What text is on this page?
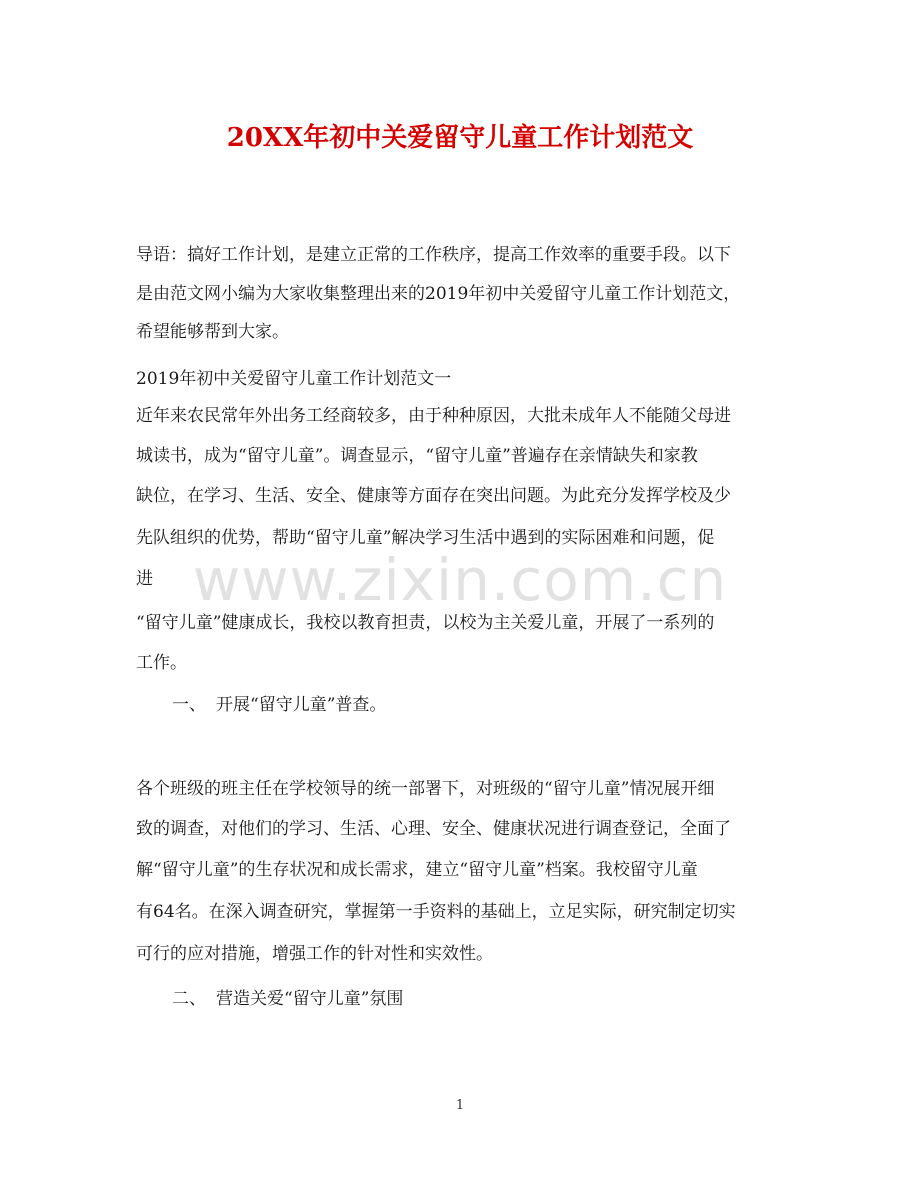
20XX年初中关爱留守儿童工作计划范文
导语：搞好工作计划，是建立正常的工作秩序，提高工作效率的重要手段。以下
是由范文网小编为大家收集整理出来的2019年初中关爱留守儿童工作计划范文，
希望能够帮到大家。
2019年初中关爱留守儿童工作计划范文一
近年来农民常年外出务工经商较多，由于种种原因，大批未成年人不能随父母进
城读书，成为“留守儿童”。调查显示，“留守儿童”普遍存在亲情缺失和家教
缺位，在学习、生活、安全、健康等方面存在突出问题。为此充分发挥学校及少
先队组织的优势，帮助“留守儿童”解决学习生活中遇到的实际困难和问题，促
进
“留守儿童”健康成长，我校以教育担责，以校为主关爱儿童，开展了一系列的
工作。
一、 开展“留守儿童”普查。
各个班级的班主任在学校领导的统一部署下，对班级的“留守儿童”情况展开细
致的调查，对他们的学习、生活、心理、安全、健康状况进行调查登记，全面了
解“留守儿童”的生存状况和成长需求，建立“留守儿童”档案。我校留守儿童
有64名。在深入调查研究，掌握第一手资料的基础上，立足实际，研究制定切实
可行的应对措施，增强工作的针对性和实效性。
二、 营造关爱“留守儿童”氛围
www.zixin.com.cn
1
